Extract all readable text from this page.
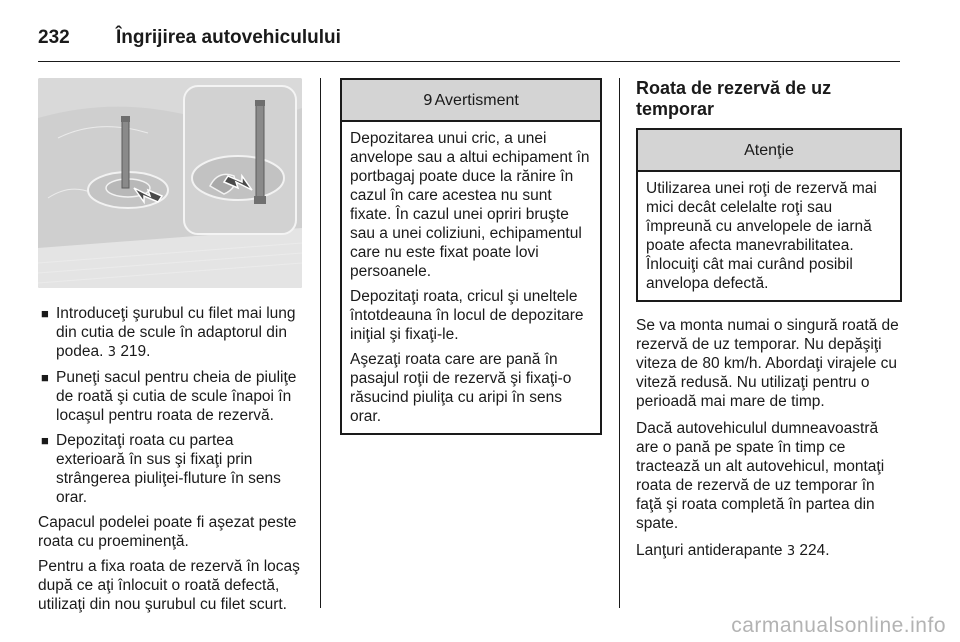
232	Îngrijirea autovehiculului
■ Introduceţi şurubul cu filet mai lung din cutia de scule în adaptorul din podea. 3 219.
■ Puneţi sacul pentru cheia de piuliţe de roată şi cutia de scule înapoi în locaşul pentru roata de rezervă.
■ Depozitaţi roata cu partea exterioară în sus şi fixaţi prin strângerea piuliţei-fluture în sens orar.

Capacul podelei poate fi aşezat peste roata cu proeminenţă.

Pentru a fixa roata de rezervă în locaş după ce aţi înlocuit o roată defectă, utilizaţi din nou şurubul cu filet scurt.

9 Avertisment

Depozitarea unui cric, a unei anvelope sau a altui echipament în portbagaj poate duce la rănire în cazul în care acestea nu sunt fixate. În cazul unei opriri bruşte sau a unei coliziuni, echipamentul care nu este fixat poate lovi persoanele.

Depozitaţi roata, cricul şi uneltele întotdeauna în locul de depozitare iniţial şi fixaţi-le.

Aşezaţi roata care are pană în pasajul roţii de rezervă şi fixaţi-o răsucind piuliţa cu aripi în sens orar.

Roata de rezervă de uz temporar
Atenţie

Utilizarea unei roţi de rezervă mai mici decât celelalte roţi sau împreună cu anvelopele de iarnă poate afecta manevrabilitatea. Înlocuiţi cât mai curând posibil anvelopa defectă.

Se va monta numai o singură roată de rezervă de uz temporar. Nu depăşiţi viteza de 80 km/h. Abordaţi virajele cu viteză redusă. Nu utilizaţi pentru o perioadă mai mare de timp.

Dacă autovehiculul dumneavoastră are o pană pe spate în timp ce tractează un alt autovehicul, montaţi roata de rezervă de uz temporar în faţă şi roata completă în partea din spate.

Lanţuri antiderapante 3 224.

carmanualsonline.info
